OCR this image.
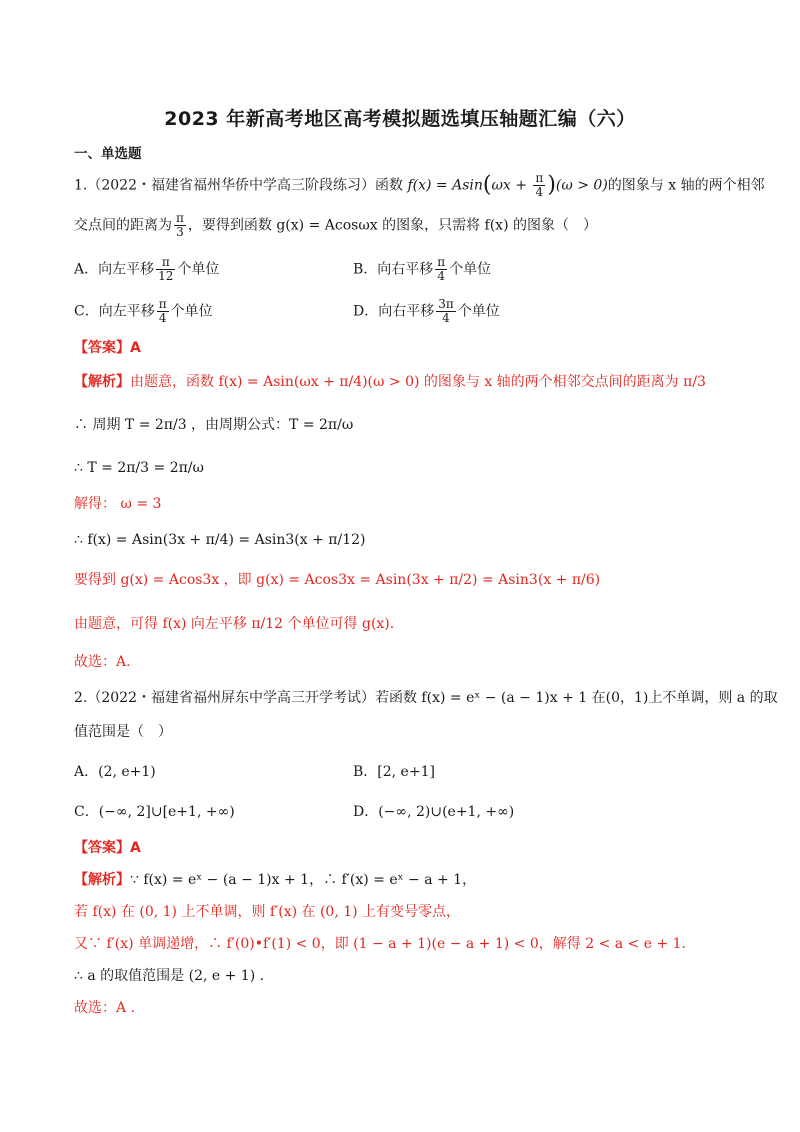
2023 年新高考地区高考模拟题选填压轴题汇编（六）
一、单选题
1.（2022・福建省福州华侨中学高三阶段练习）函数 $f(x) = Asin(\omega x + \frac{\pi}{4} )(\omega > 0)$的图象与 x 轴的两个相邻
交点间的距离为 $\frac{\pi}{3}$ ，要得到函数 g(x) = Acosωx 的图象，只需将 f(x) 的图象（　）
A．向左平移 $\frac{\pi}{12}$ 个单位	B．向右平移 $\frac{\pi}{4}$ 个单位
C．向左平移 $\frac{\pi}{4}$ 个单位	D．向右平移 $\frac{3\pi}{4}$ 个单位
【答案】A
【解析】由题意，函数 f(x) = Asin(ωx + π/4)(ω > 0) 的图象与 x 轴的两个相邻交点间的距离为 π/3
∴ 周期 T = 2π/3 ，由周期公式：T = 2π/ω
∴ T = 2π/3 = 2π/ω
解得： ω = 3
∴ f(x) = Asin(3x + π/4) = Asin3(x + π/12)
要得到 g(x) = Acos3x ，即 g(x) = Acos3x = Asin(3x + π/2) = Asin3(x + π/6)
由题意，可得 f(x) 向左平移 π/12 个单位可得 g(x).
故选：A.
2.（2022・福建省福州屏东中学高三开学考试）若函数 f(x) = eˣ − (a − 1)x + 1 在(0，1)上不单调，则 a 的取
值范围是（　）
A．(2, e+1)	B．[2, e+1]
C．(−∞, 2]∪[e+1, +∞)	D．(−∞, 2)∪(e+1, +∞)
【答案】A
【解析】∵ f(x) = eˣ − (a − 1)x + 1，∴ f′(x) = eˣ − a + 1，
若 f(x) 在 (0, 1) 上不单调，则 f′(x) 在 (0, 1) 上有变号零点，
又∵ f′(x) 单调递增，∴ f′(0)•f′(1) < 0，即 (1 − a + 1)(e − a + 1) < 0，解得 2 < a < e + 1.
∴ a 的取值范围是 (2, e + 1) .
故选：A .
